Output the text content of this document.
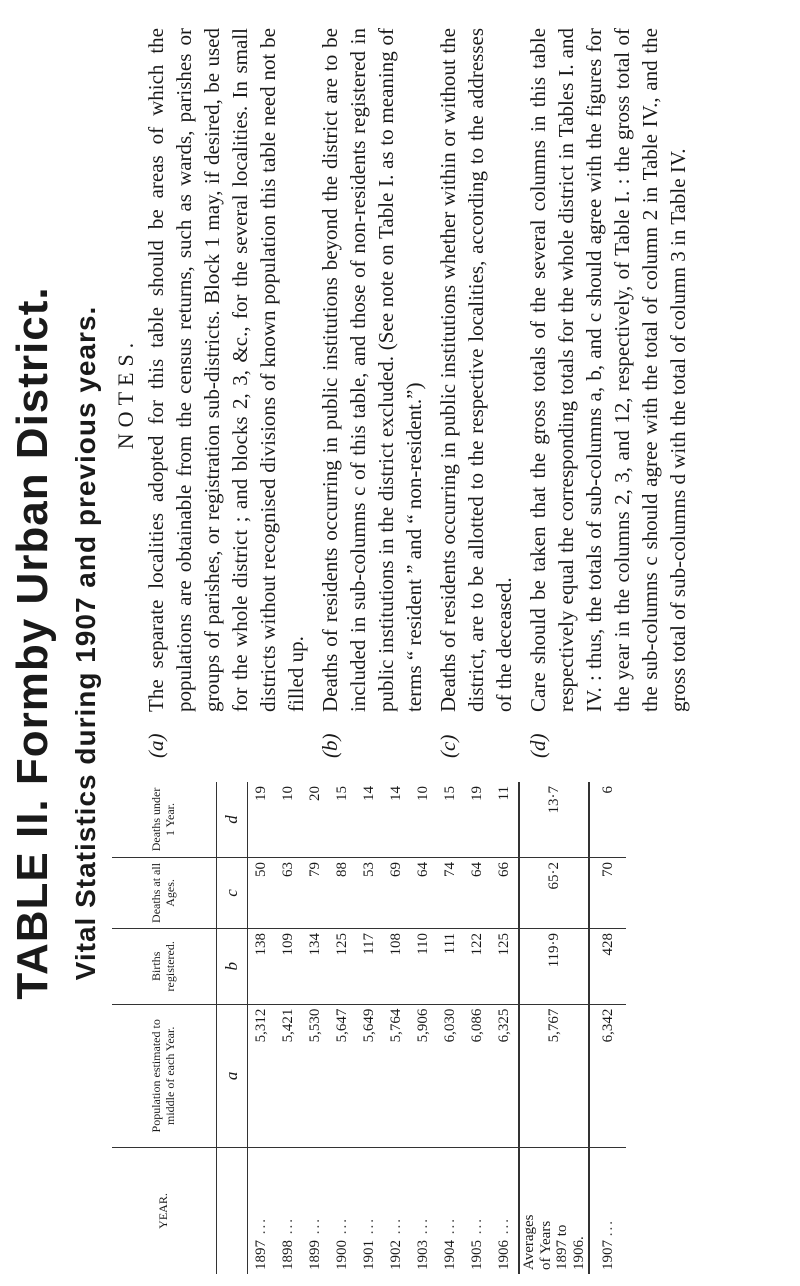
TABLE II. Formby Urban District. Vital Statistics during 1907 and previous years.
YEAR.	Population estimated to middle of each Year.	Births registered.	Deaths at all Ages.	Deaths under 1 Year.
	a	b	c	d
1897 ...	5,312	138	50	19
1898 ...	5,421	109	63	10
1899 ...	5,530	134	79	20
1900 ...	5,647	125	88	15
1901 ...	5,649	117	53	14
1902 ...	5,764	108	69	14
1903 ...	5,906	110	64	10
1904 ...	6,030	111	74	15
1905 ...	6,086	122	64	19
1906 ...	6,325	125	66	11

Averages of Years 1897 to 1906.	5,767	119·9	65·2	13·7
1907 ...	6,342	428	70	6
NOTES.
(a)
The separate localities adopted for this table should be areas of which the populations are obtainable from the census returns, such as wards, parishes or groups of parishes, or registration sub-districts. Block 1 may, if desired, be used for the whole district ; and blocks 2, 3, &c., for the several localities. In small districts without recognised divisions of known population this table need not be filled up.
(b)
Deaths of residents occurring in public institutions beyond the district are to be included in sub-columns c of this table, and those of non-residents registered in public institutions in the district excluded. (See note on Table I. as to meaning of terms “ resident ” and “ non-resident.”)
(c)
Deaths of residents occurring in public institutions whether within or without the district, are to be allotted to the respective localities, according to the addresses of the deceased.
(d)
Care should be taken that the gross totals of the several columns in this table respectively equal the corresponding totals for the whole district in Tables I. and IV. : thus, the totals of sub-columns a, b, and c should agree with the figures for the year in the columns 2, 3, and 12, respectively, of Table I. : the gross total of the sub-columns c should agree with the total of column 2 in Table IV., and the gross total of sub-columns d with the total of column 3 in Table IV.
